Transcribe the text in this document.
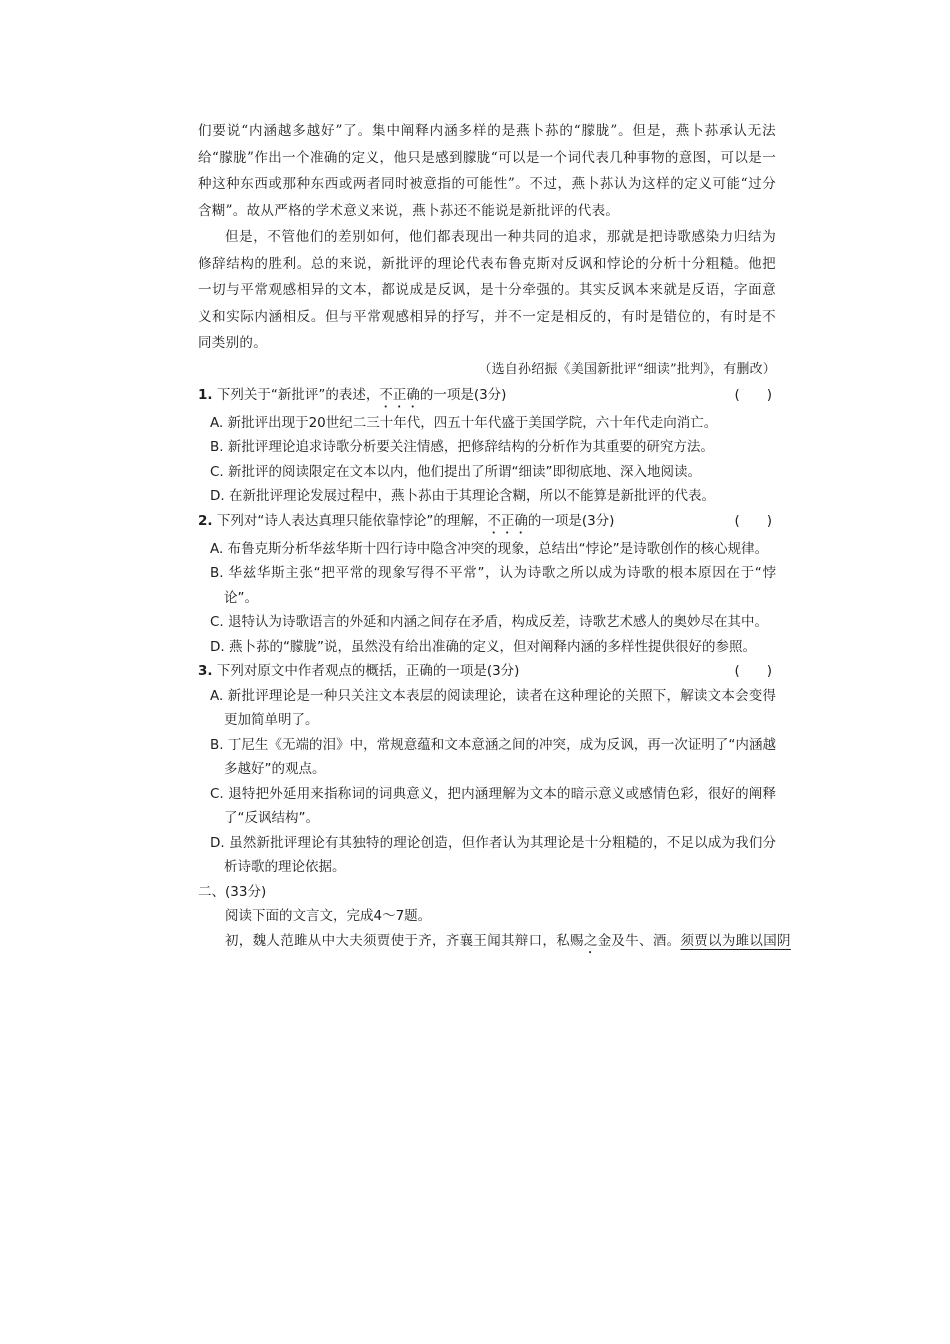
们要说“内涵越多越好”了。集中阐释内涵多样的是燕卜荪的“朦胧”。但是，燕卜荪承认无法给“朦胧”作出一个准确的定义，他只是感到朦胧“可以是一个词代表几种事物的意图，可以是一种这种东西或那种东西或两者同时被意指的可能性”。不过，燕卜荪认为这样的定义可能“过分含糊”。故从严格的学术意义来说，燕卜荪还不能说是新批评的代表。

但是，不管他们的差别如何，他们都表现出一种共同的追求，那就是把诗歌感染力归结为修辞结构的胜利。总的来说，新批评的理论代表布鲁克斯对反讽和悖论的分析十分粗糙。他把一切与平常观感相异的文本，都说成是反讽，是十分牵强的。其实反讽本来就是反语，字面意义和实际内涵相反。但与平常观感相异的抒写，并不一定是相反的，有时是错位的，有时是不同类别的。

（选自孙绍振《美国新批评“细读”批判》，有删改）

1. 下列关于“新批评”的表述，不正确的一项是(3分)	(　　)

A. 新批评出现于20世纪二三十年代，四五十年代盛于美国学院，六十年代走向消亡。

B. 新批评理论追求诗歌分析要关注情感，把修辞结构的分析作为其重要的研究方法。

C. 新批评的阅读限定在文本以内，他们提出了所谓“细读”即彻底地、深入地阅读。

D. 在新批评理论发展过程中，燕卜荪由于其理论含糊，所以不能算是新批评的代表。

2. 下列对“诗人表达真理只能依靠悖论”的理解，不正确的一项是(3分)	(　　)

A. 布鲁克斯分析华兹华斯十四行诗中隐含冲突的现象，总结出“悖论”是诗歌创作的核心规律。

B. 华兹华斯主张“把平常的现象写得不平常”，认为诗歌之所以成为诗歌的根本原因在于“悖论”。

C. 退特认为诗歌语言的外延和内涵之间存在矛盾，构成反差，诗歌艺术感人的奥妙尽在其中。

D. 燕卜荪的“朦胧”说，虽然没有给出准确的定义，但对阐释内涵的多样性提供很好的参照。

3. 下列对原文中作者观点的概括，正确的一项是(3分)	(　　)

A. 新批评理论是一种只关注文本表层的阅读理论，读者在这种理论的关照下，解读文本会变得更加简单明了。

B. 丁尼生《无端的泪》中，常规意蕴和文本意涵之间的冲突，成为反讽，再一次证明了“内涵越多越好”的观点。

C. 退特把外延用来指称词的词典意义，把内涵理解为文本的暗示意义或感情色彩，很好的阐释了“反讽结构”。

D. 虽然新批评理论有其独特的理论创造，但作者认为其理论是十分粗糙的，不足以成为我们分析诗歌的理论依据。

二、(33分)

阅读下面的文言文，完成4～7题。

初，魏人范雎从中大夫须贾使于齐，齐襄王闻其辩口，私赐之金及牛、酒。须贾以为雎以国阴
